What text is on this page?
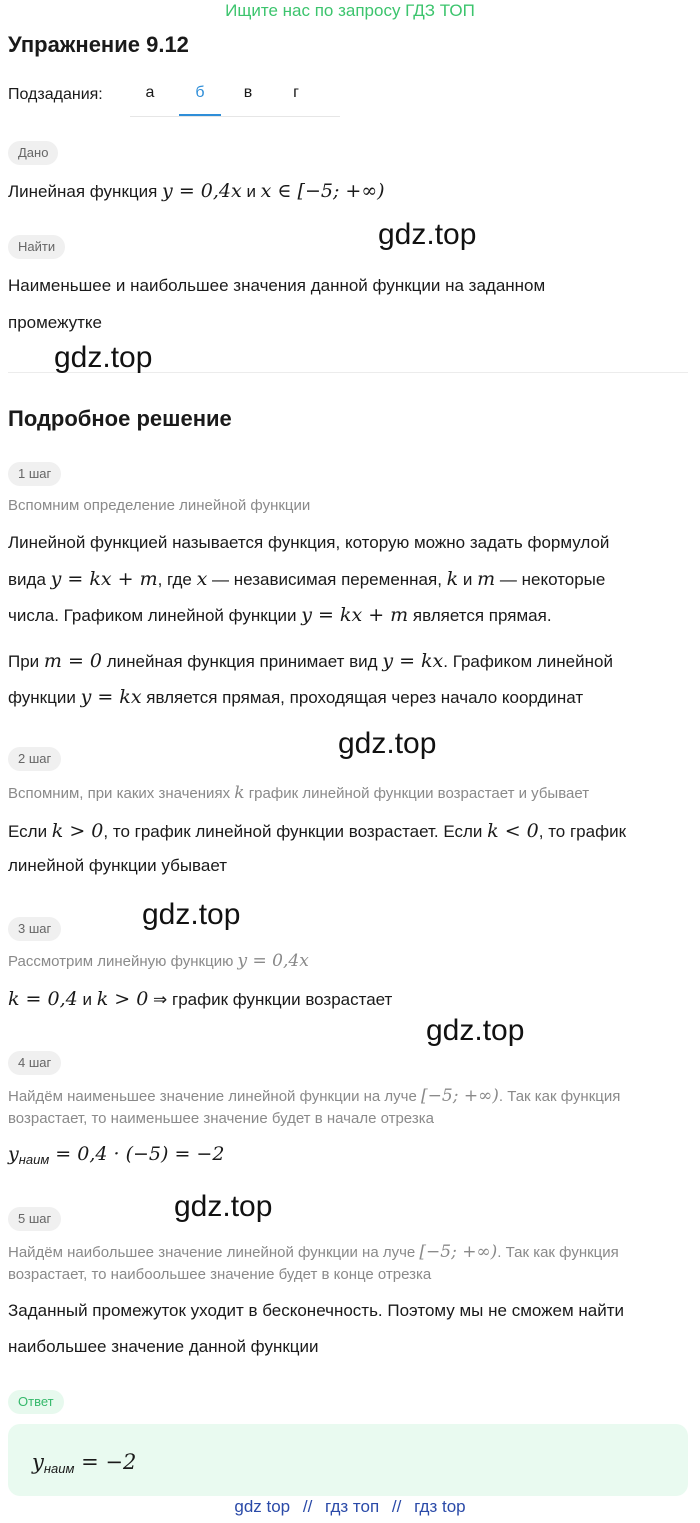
Ищите нас по запросу ГДЗ ТОП
Упражнение 9.12
Подзадания:	а	б	в	г
Дано
Линейная функция y = 0,4x и x ∈ [−5; +∞)
Найти
Наименьшее и наибольшее значения данной функции на заданном
промежутке
Подробное решение
1 шаг
Вспомним определение линейной функции
Линейной функцией называется функция, которую можно задать формулой
вида y = kx + m, где x — независимая переменная, k и m — некоторые
числа. Графиком линейной функции y = kx + m является прямая.
При m = 0 линейная функция принимает вид y = kx. Графиком линейной
функции y = kx является прямая, проходящая через начало координат
2 шаг
Вспомним, при каких значениях k график линейной функции возрастает и убывает
Если k > 0, то график линейной функции возрастает. Если k < 0, то график
линейной функции убывает
3 шаг
Рассмотрим линейную функцию y = 0,4x
k = 0,4 и k > 0 ⇒ график функции возрастает
4 шаг
Найдём наименьшее значение линейной функции на луче [−5; +∞). Так как функция
возрастает, то наименьшее значение будет в начале отрезка
$y_{наим} = 0,4 \cdot (-5) = -2$
5 шаг
Найдём наибольшее значение линейной функции на луче [−5; +∞). Так как функция
возрастает, то наибоольшее значение будет в конце отрезка
Заданный промежуток уходит в бесконечность. Поэтому мы не сможем найти
наибольшее значение данной функции
Ответ
$y_{наим} = -2$
gdz.top
gdz.top
gdz.top
gdz.top
gdz.top
gdz.top
gdz top // гдз топ // гдз top
